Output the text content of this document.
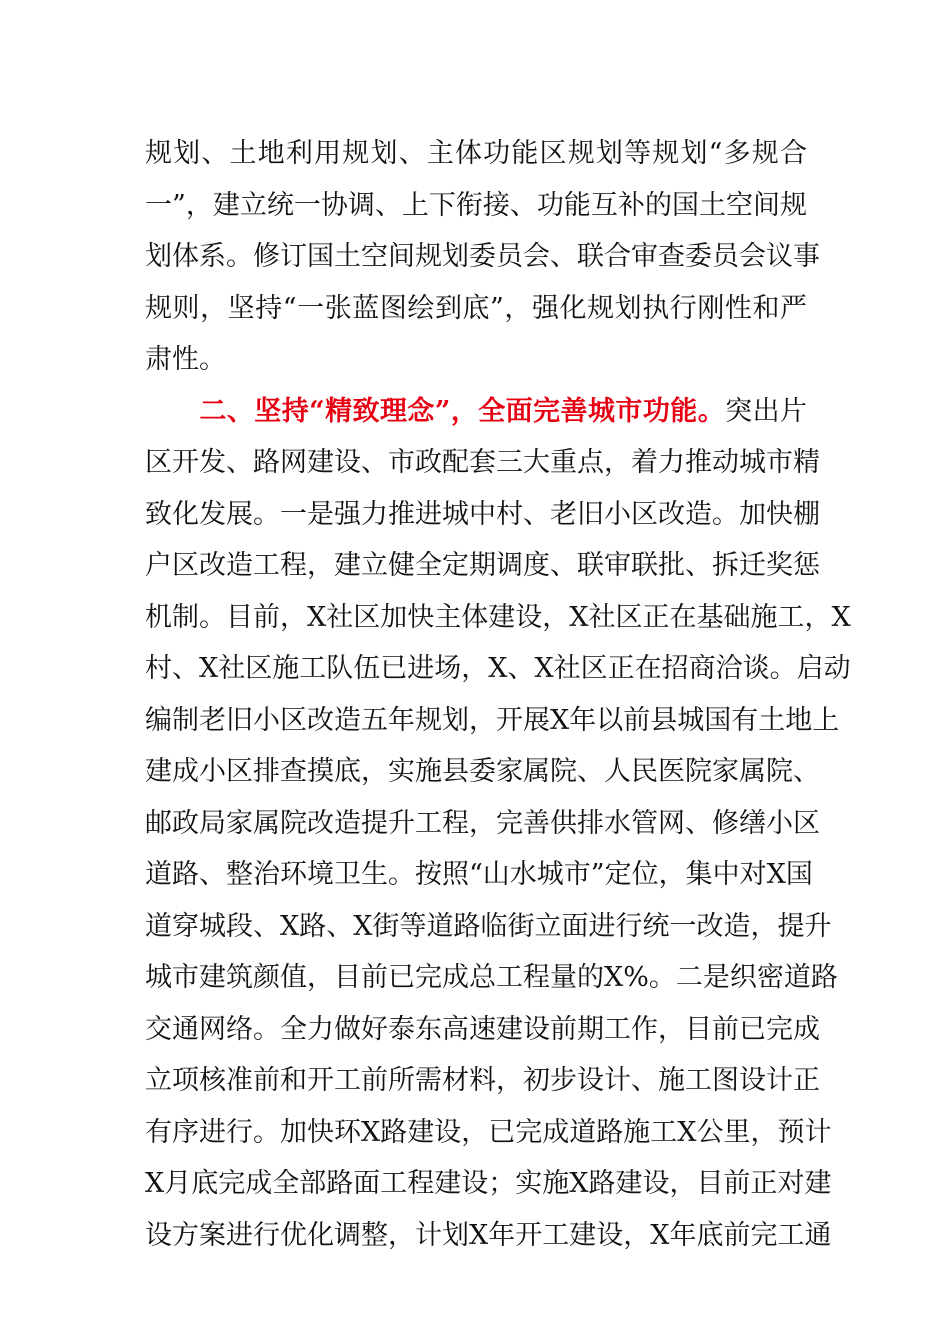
规划、土地利用规划、主体功能区规划等规划“多规合
一”，建立统一协调、上下衔接、功能互补的国土空间规
划体系。修订国土空间规划委员会、联合审查委员会议事
规则，坚持“一张蓝图绘到底”，强化规划执行刚性和严
肃性。
二、坚持“精致理念”，全面完善城市功能。突出片
区开发、路网建设、市政配套三大重点，着力推动城市精
致化发展。一是强力推进城中村、老旧小区改造。加快棚
户区改造工程，建立健全定期调度、联审联批、拆迁奖惩
机制。目前，X社区加快主体建设，X社区正在基础施工，X
村、X社区施工队伍已进场，X、X社区正在招商洽谈。启动
编制老旧小区改造五年规划，开展X年以前县城国有土地上
建成小区排查摸底，实施县委家属院、人民医院家属院、
邮政局家属院改造提升工程，完善供排水管网、修缮小区
道路、整治环境卫生。按照“山水城市”定位，集中对X国
道穿城段、X路、X街等道路临街立面进行统一改造，提升
城市建筑颜值，目前已完成总工程量的X%。二是织密道路
交通网络。全力做好泰东高速建设前期工作，目前已完成
立项核准前和开工前所需材料，初步设计、施工图设计正
有序进行。加快环X路建设，已完成道路施工X公里，预计
X月底完成全部路面工程建设；实施X路建设，目前正对建
设方案进行优化调整，计划X年开工建设，X年底前完工通
